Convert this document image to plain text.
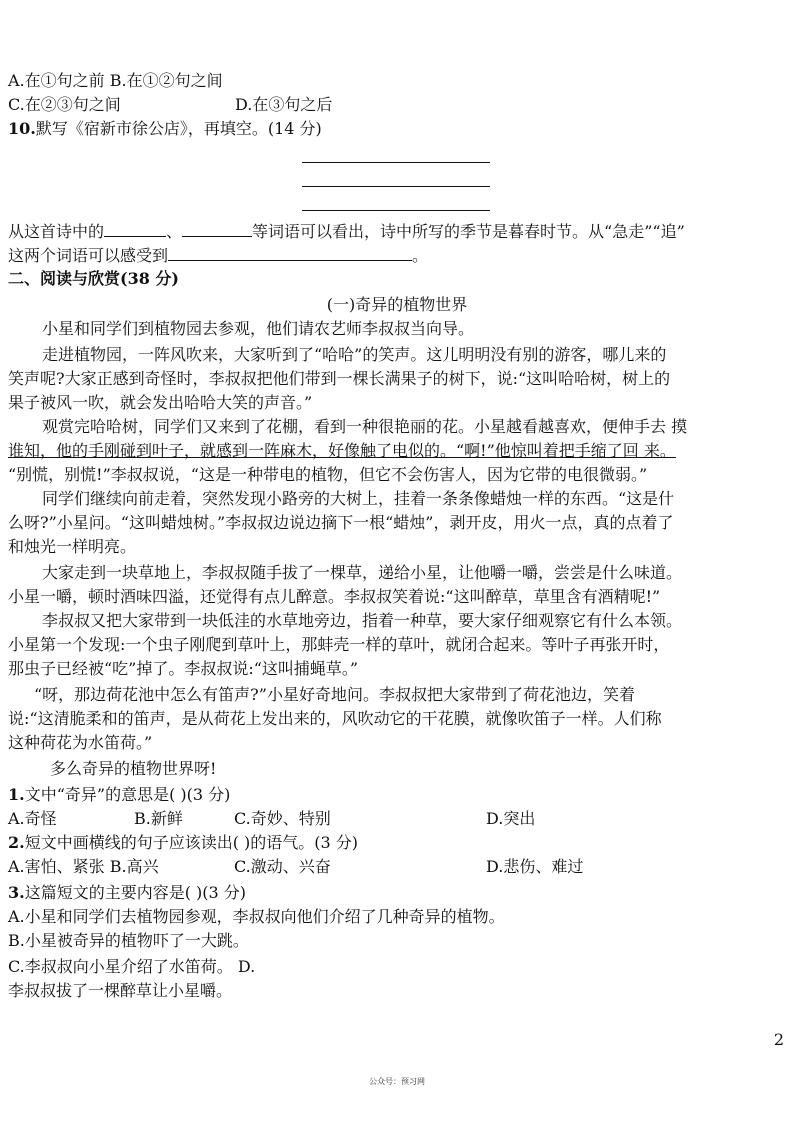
A.在①句之前 B.在①②句之间
C.在②③句之间	D.在③句之后
10.默写《宿新市徐公店》，再填空。(14 分)
从这首诗中的	、	等词语可以看出，诗中所写的季节是暮春时节。从“急走”“追”
这两个词语可以感受到	。
二、阅读与欣赏(38 分)
(一)奇异的植物世界
小星和同学们到植物园去参观，他们请农艺师李叔叔当向导。
走进植物园，一阵风吹来，大家听到了“哈哈”的笑声。这儿明明没有别的游客，哪儿来的
笑声呢?大家正感到奇怪时，李叔叔把他们带到一棵长满果子的树下，说:“这叫哈哈树，树上的
果子被风一吹，就会发出哈哈大笑的声音。”
观赏完哈哈树，同学们又来到了花棚，看到一种很艳丽的花。小星越看越喜欢，便伸手去 摸
谁知，他的手刚碰到叶子，就感到一阵麻木，好像触了电似的。“啊!”他惊叫着把手缩了回 来。
“别慌，别慌!”李叔叔说，“这是一种带电的植物，但它不会伤害人，因为它带的电很微弱。”
同学们继续向前走着，突然发现小路旁的大树上，挂着一条条像蜡烛一样的东西。“这是什
么呀?”小星问。“这叫蜡烛树。”李叔叔边说边摘下一根“蜡烛”，剥开皮，用火一点，真的点着了
和烛光一样明亮。
大家走到一块草地上，李叔叔随手拔了一棵草，递给小星，让他嚼一嚼，尝尝是什么味道。
小星一嚼，顿时酒味四溢，还觉得有点儿醉意。李叔叔笑着说:“这叫醉草，草里含有酒精呢!”
李叔叔又把大家带到一块低洼的水草地旁边，指着一种草，要大家仔细观察它有什么本领。
小星第一个发现:一个虫子刚爬到草叶上，那蚌壳一样的草叶，就闭合起来。等叶子再张开时，
那虫子已经被“吃”掉了。李叔叔说:“这叫捕蝇草。”
“呀，那边荷花池中怎么有笛声?”小星好奇地问。李叔叔把大家带到了荷花池边，笑着
说:“这清脆柔和的笛声，是从荷花上发出来的，风吹动它的干花膜，就像吹笛子一样。人们称
这种荷花为水笛荷。”
多么奇异的植物世界呀!
1.文中“奇异”的意思是( )(3 分)
A.奇怪	B.新鲜	C.奇妙、特别	D.突出
2.短文中画横线的句子应该读出( )的语气。(3 分)
A.害怕、紧张 B.高兴	C.激动、兴奋	D.悲伤、难过
3.这篇短文的主要内容是( )(3 分)
A.小星和同学们去植物园参观，李叔叔向他们介绍了几种奇异的植物。
B.小星被奇异的植物吓了一大跳。
C.李叔叔向小星介绍了水笛荷。 D.
李叔叔拔了一棵醉草让小星嚼。
2
公众号：预习网
